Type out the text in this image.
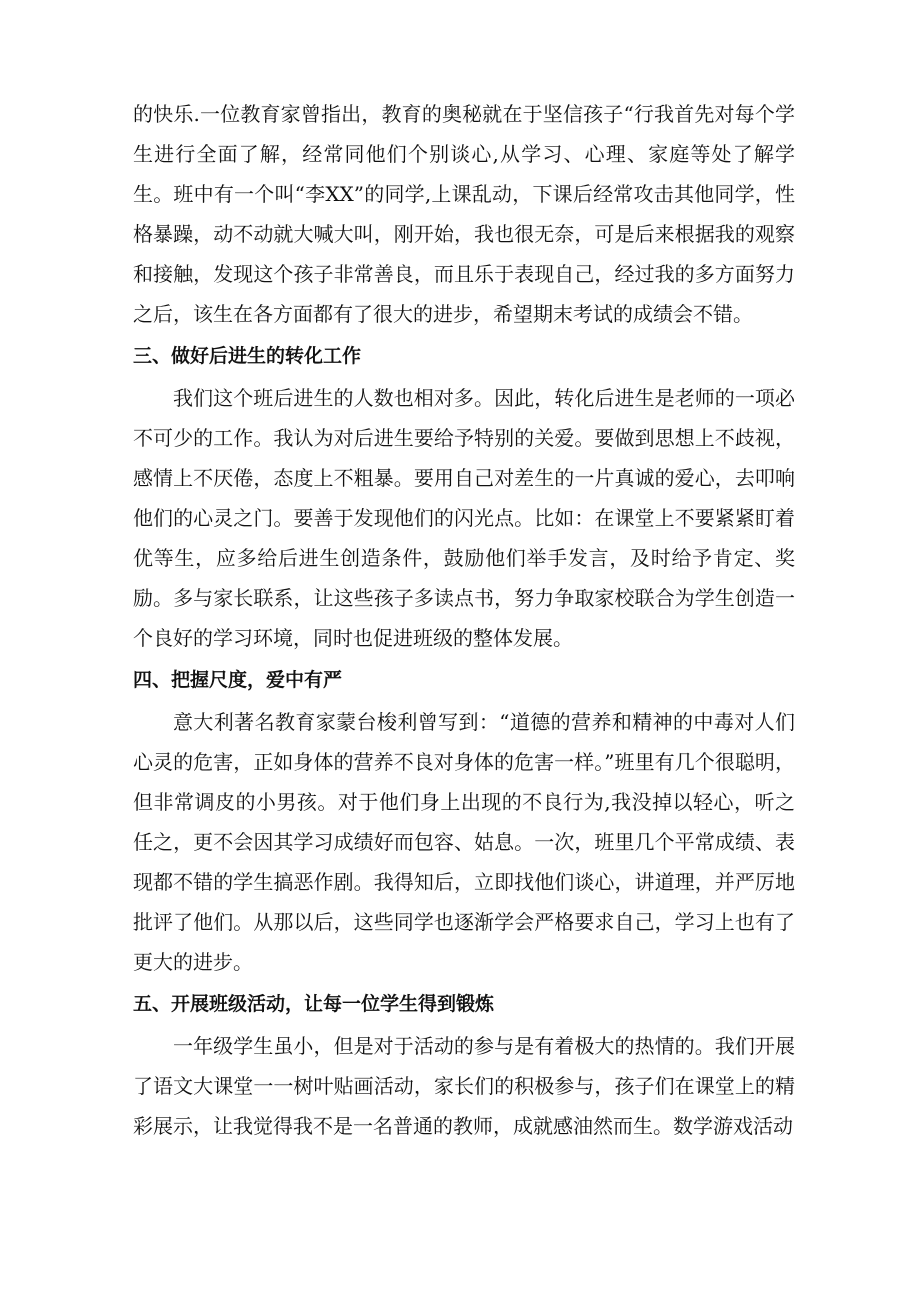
的快乐.一位教育家曾指出，教育的奥秘就在于坚信孩子“行我首先对每个学生进行全面了解，经常同他们个别谈心,从学习、心理、家庭等处了解学生。班中有一个叫“李XX”的同学,上课乱动，下课后经常攻击其他同学，性格暴躁，动不动就大喊大叫，刚开始，我也很无奈，可是后来根据我的观察和接触，发现这个孩子非常善良，而且乐于表现自己，经过我的多方面努力之后，该生在各方面都有了很大的进步，希望期末考试的成绩会不错。

三、做好后进生的转化工作

我们这个班后进生的人数也相对多。因此，转化后进生是老师的一项必不可少的工作。我认为对后进生要给予特别的关爱。要做到思想上不歧视，感情上不厌倦，态度上不粗暴。要用自己对差生的一片真诚的爱心，去叩响他们的心灵之门。要善于发现他们的闪光点。比如：在课堂上不要紧紧盯着优等生，应多给后进生创造条件，鼓励他们举手发言，及时给予肯定、奖励。多与家长联系，让这些孩子多读点书，努力争取家校联合为学生创造一个良好的学习环境，同时也促进班级的整体发展。

四、把握尺度，爱中有严

意大利著名教育家蒙台梭利曾写到：“道德的营养和精神的中毒对人们心灵的危害，正如身体的营养不良对身体的危害一样。”班里有几个很聪明，但非常调皮的小男孩。对于他们身上出现的不良行为,我没掉以轻心，听之任之，更不会因其学习成绩好而包容、姑息。一次，班里几个平常成绩、表现都不错的学生搞恶作剧。我得知后，立即找他们谈心，讲道理，并严厉地批评了他们。从那以后，这些同学也逐渐学会严格要求自己，学习上也有了更大的进步。

五、开展班级活动，让每一位学生得到锻炼

一年级学生虽小，但是对于活动的参与是有着极大的热情的。我们开展了语文大课堂一一树叶贴画活动，家长们的积极参与，孩子们在课堂上的精彩展示，让我觉得我不是一名普通的教师，成就感油然而生。数学游戏活动
